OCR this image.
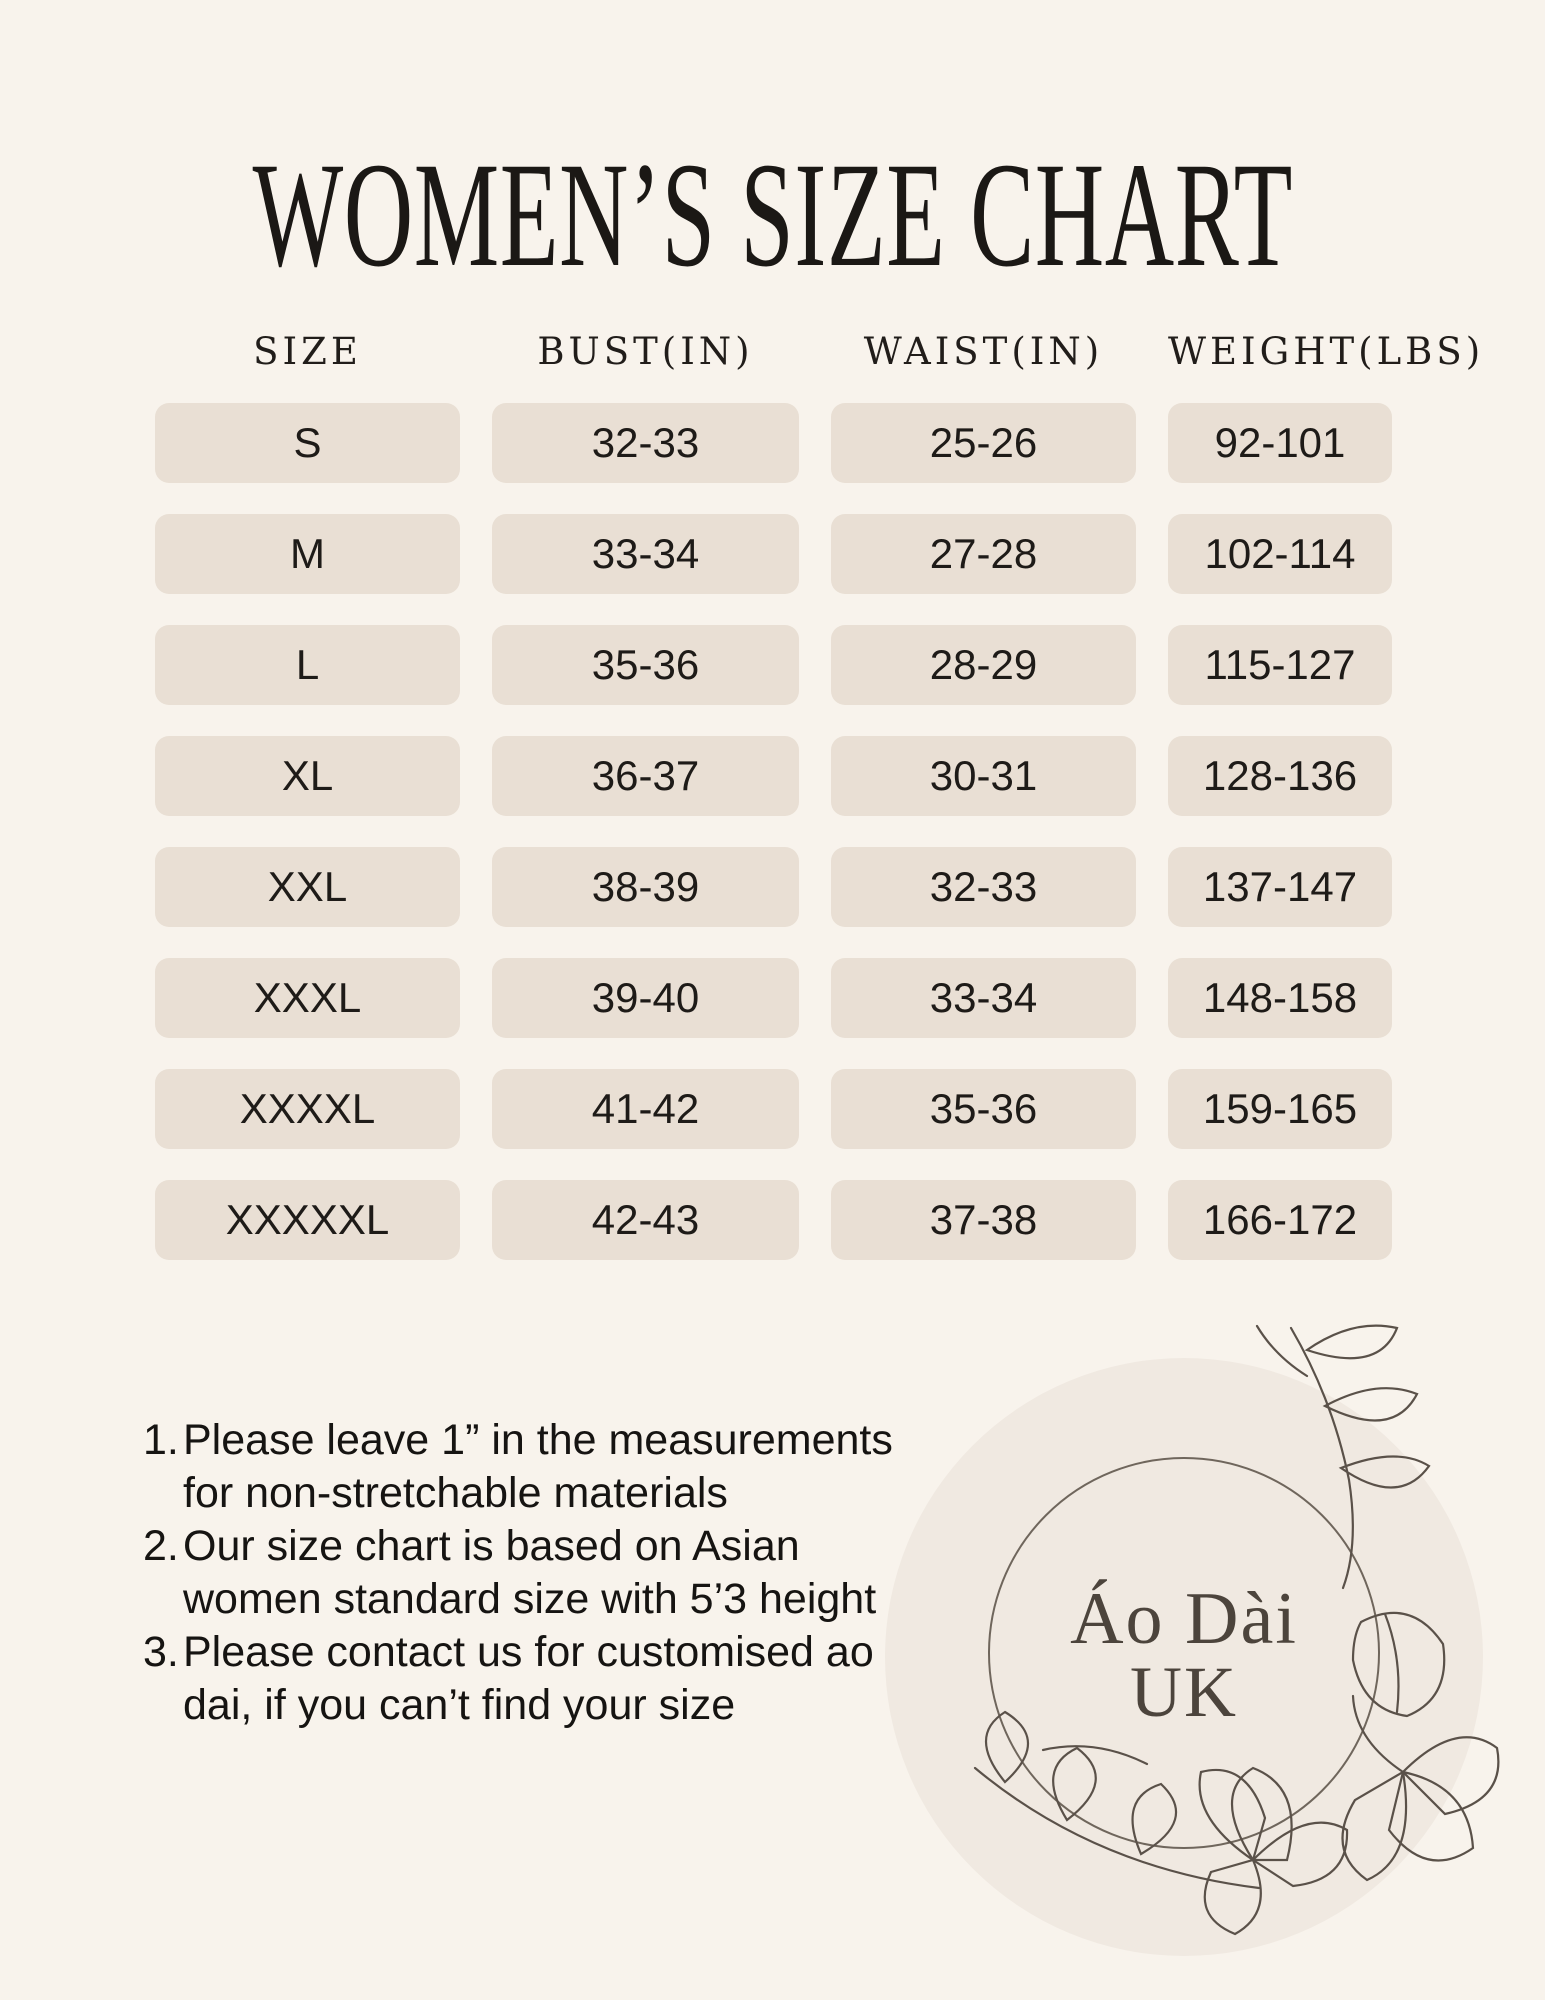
WOMEN’S SIZE CHART
SIZE	BUST(IN)	WAIST(IN)	WEIGHT(LBS)
S	32-33	25-26	92-101
M	33-34	27-28	102-114
L	35-36	28-29	115-127
XL	36-37	30-31	128-136
XXL	38-39	32-33	137-147
XXXL	39-40	33-34	148-158
XXXXL	41-42	35-36	159-165
XXXXXL	42-43	37-38	166-172
1. Please leave 1” in the measurements
for non-stretchable materials
2. Our size chart is based on Asian
women standard size with 5’3 height
3. Please contact us for customised ao
dai, if you can’t find your size
Áo Dài
UK
